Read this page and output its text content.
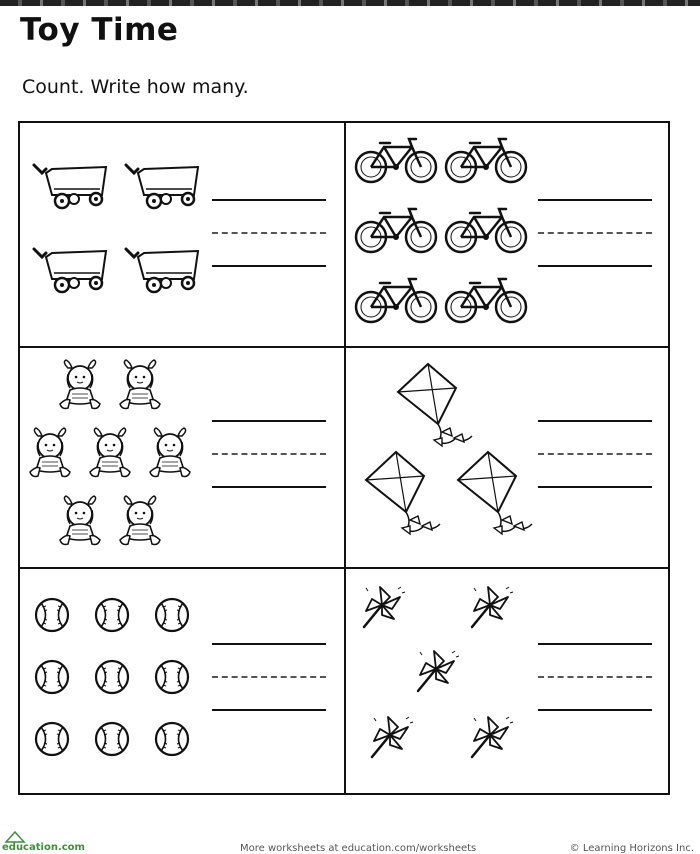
Toy Time
Count. Write how many.
education.com	More worksheets at education.com/worksheets	© Learning Horizons Inc.
